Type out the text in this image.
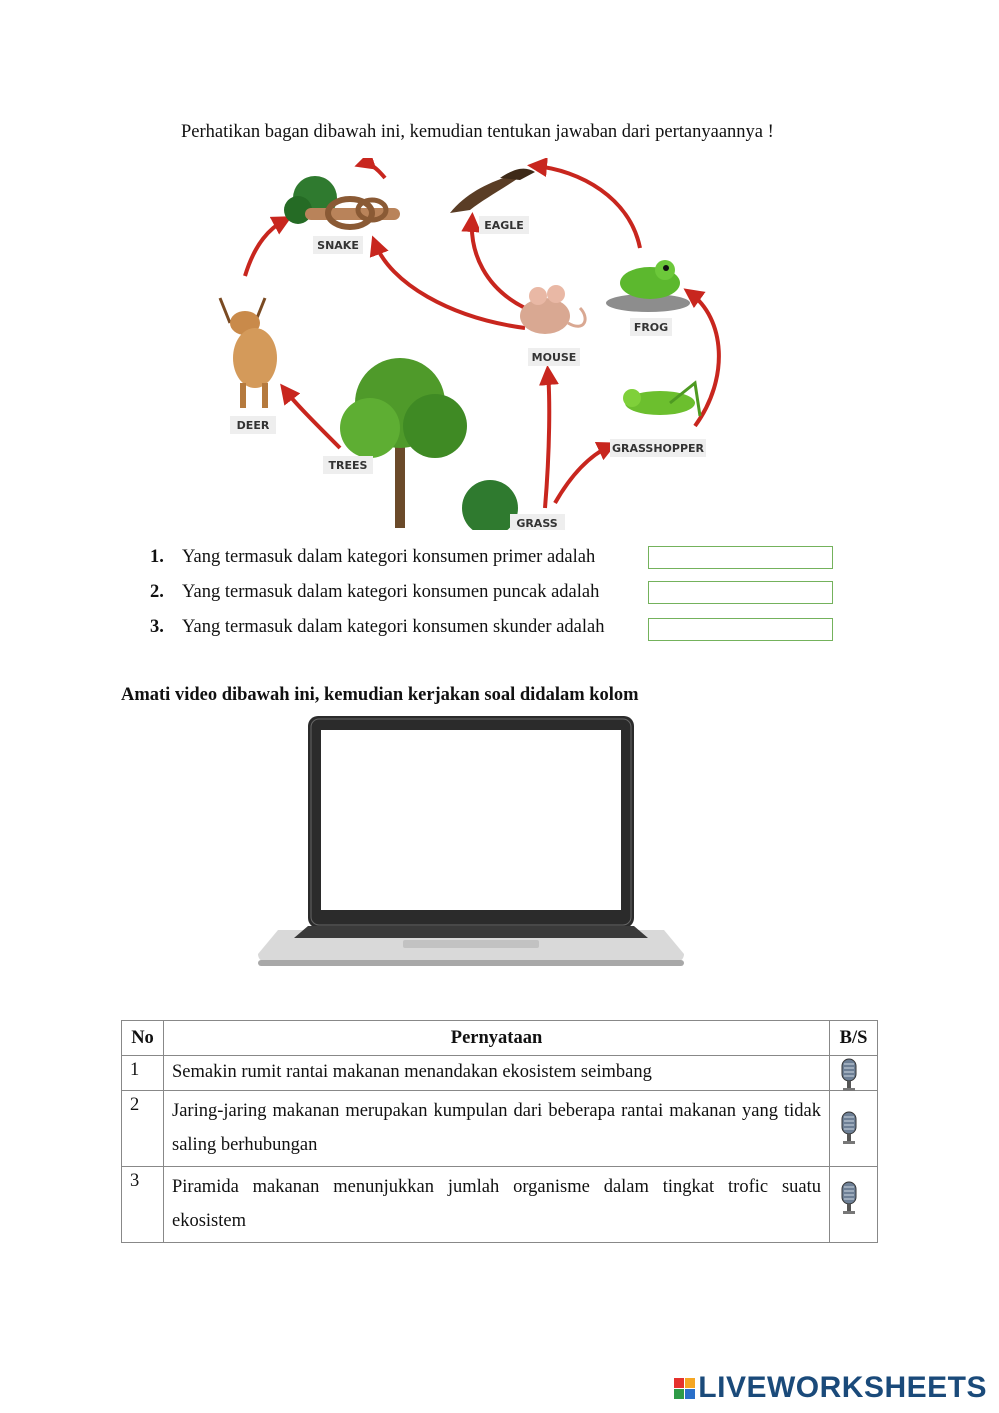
Perhatikan bagan dibawah ini, kemudian tentukan jawaban dari pertanyaannya !
SNAKE
EAGLE
FROG
MOUSE
DEER
TREES
GRASSHOPPER
GRASS
1. Yang termasuk dalam kategori konsumen primer adalah
2. Yang termasuk dalam kategori konsumen puncak adalah
3. Yang termasuk dalam kategori konsumen skunder adalah
Amati video dibawah ini, kemudian kerjakan soal didalam kolom
No	Pernyataan	B/S
1	Semakin rumit rantai makanan menandakan ekosistem seimbang	

2	Jaring-jaring makanan merupakan kumpulan dari beberapa rantai makanan yang tidak saling berhubungan	

3	Piramida makanan menunjukkan jumlah organisme dalam tingkat trofic suatu ekosistem	
LIVEWORKSHEETS
